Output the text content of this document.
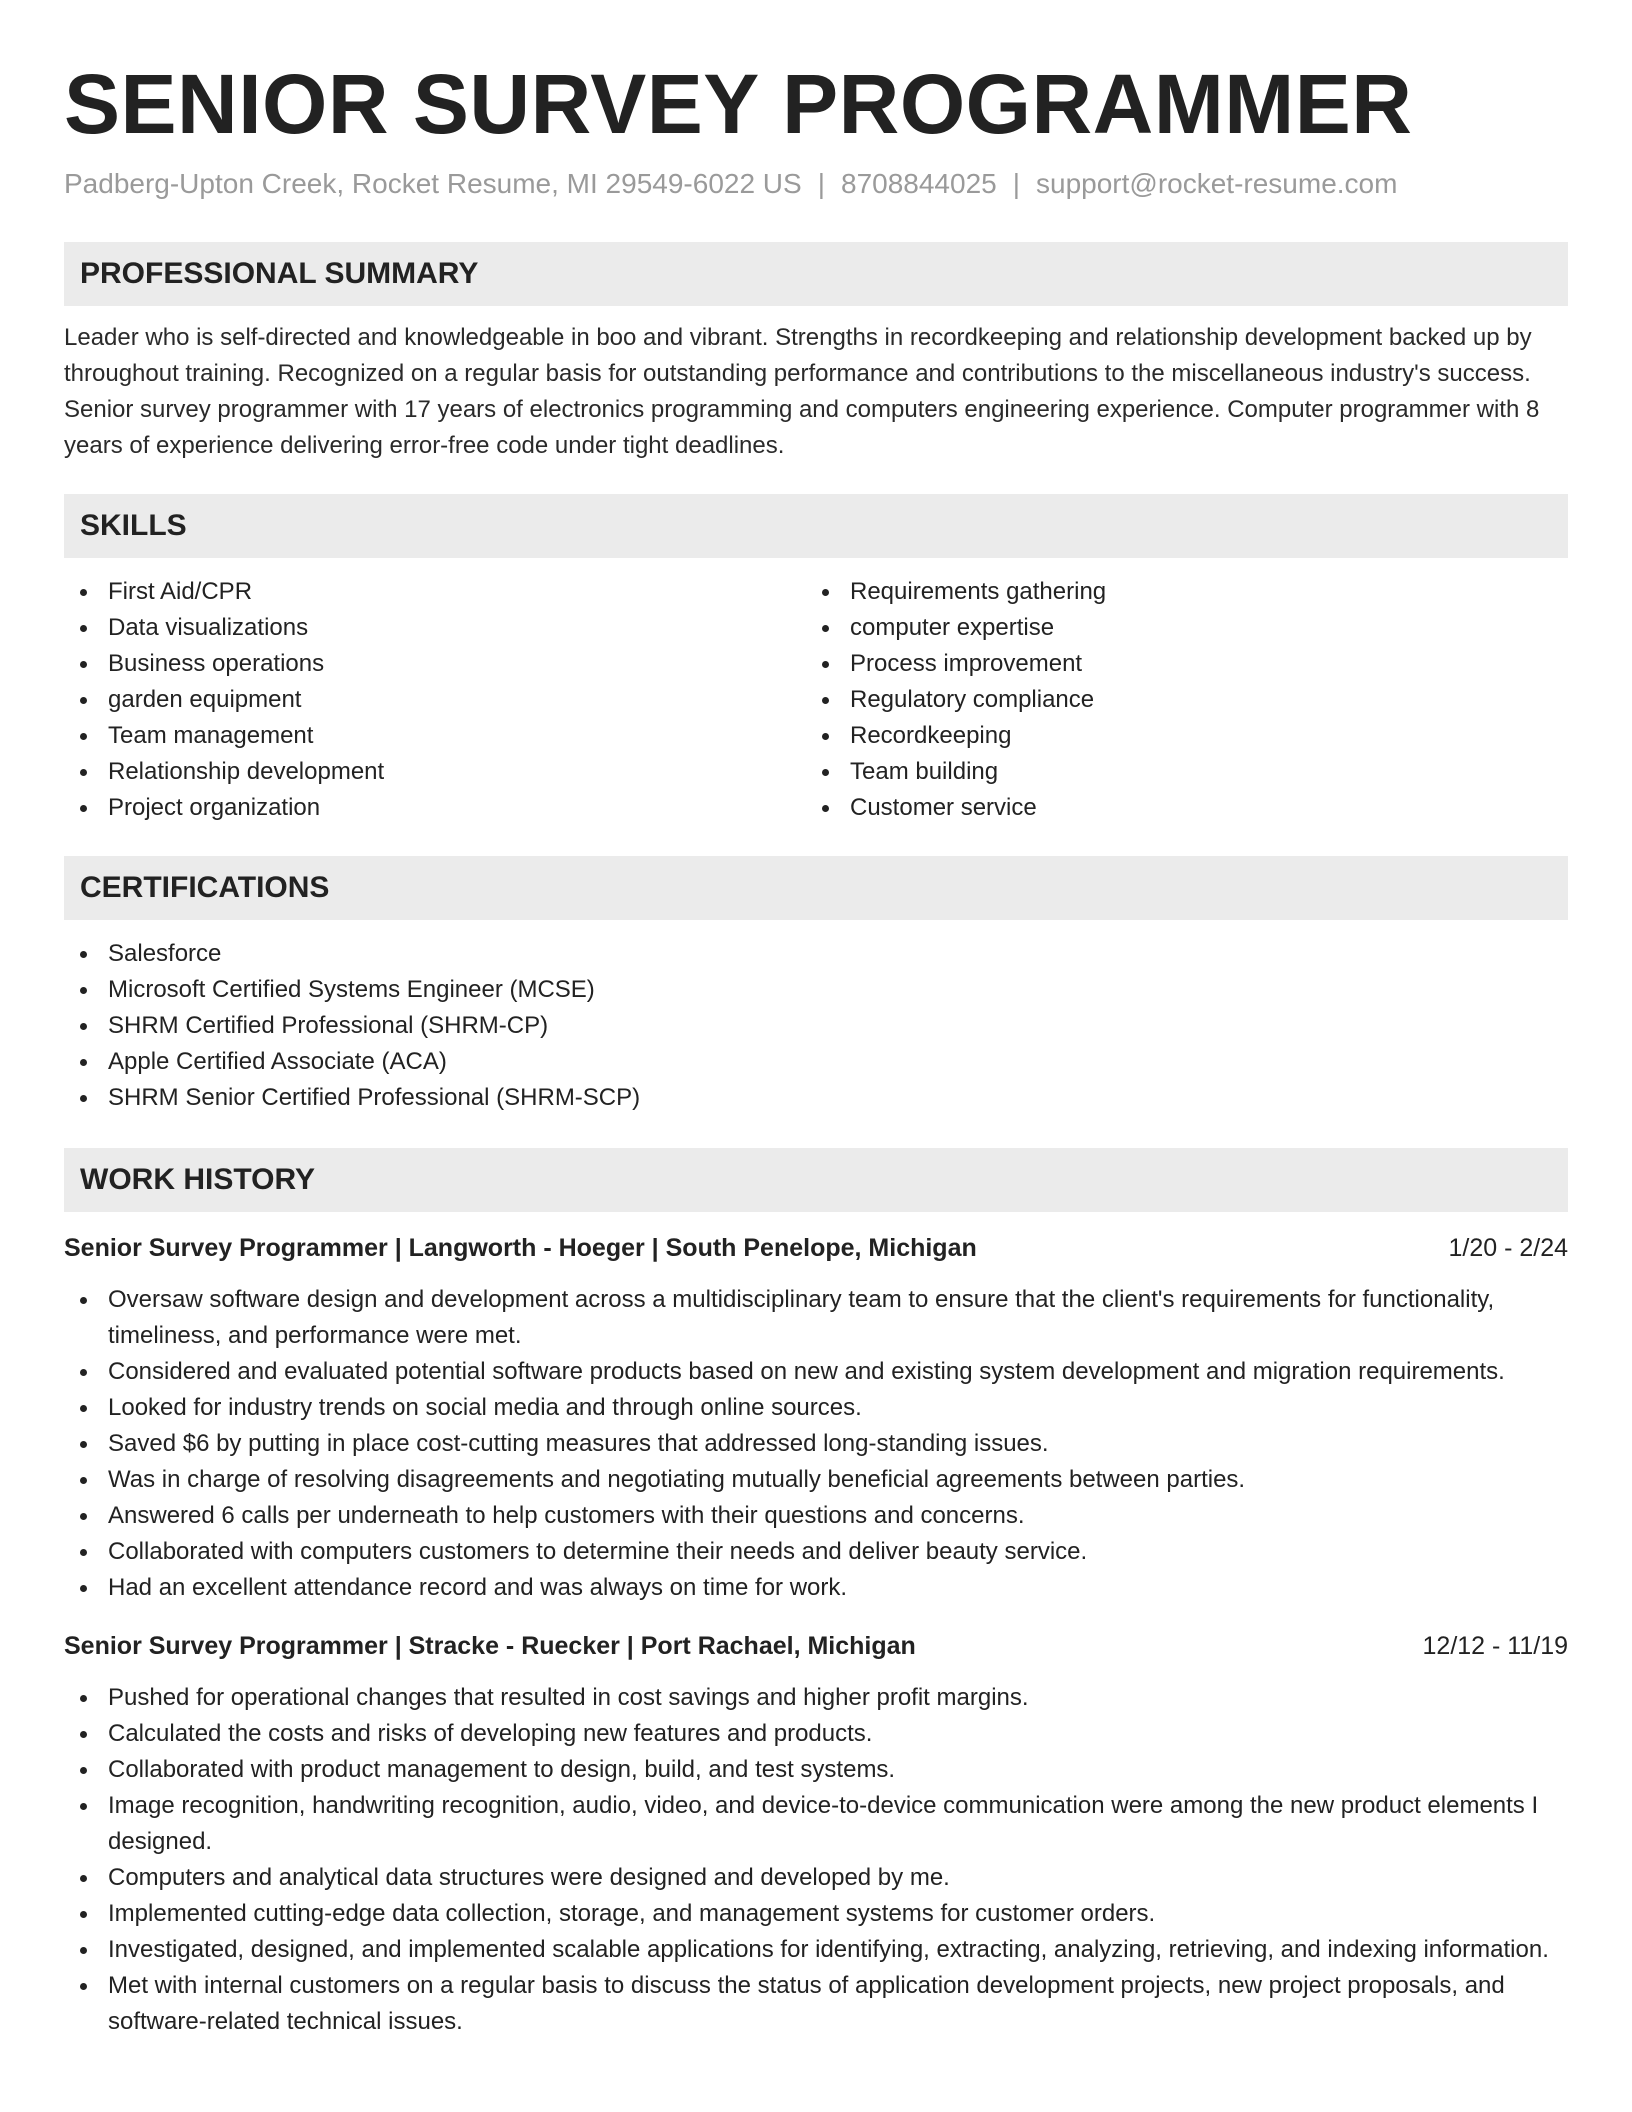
SENIOR SURVEY PROGRAMMER
Padberg-Upton Creek, Rocket Resume, MI 29549-6022 US | 8708844025 | support@rocket-resume.com
PROFESSIONAL SUMMARY

Leader who is self-directed and knowledgeable in boo and vibrant. Strengths in recordkeeping and relationship development backed up by throughout training. Recognized on a regular basis for outstanding performance and contributions to the miscellaneous industry's success. Senior survey programmer with 17 years of electronics programming and computers engineering experience. Computer programmer with 8 years of experience delivering error-free code under tight deadlines.

SKILLS
First Aid/CPR
Data visualizations
Business operations
garden equipment
Team management
Relationship development
Project organization
Requirements gathering
computer expertise
Process improvement
Regulatory compliance
Recordkeeping
Team building
Customer service
CERTIFICATIONS
Salesforce
Microsoft Certified Systems Engineer (MCSE)
SHRM Certified Professional (SHRM-CP)
Apple Certified Associate (ACA)
SHRM Senior Certified Professional (SHRM-SCP)
WORK HISTORY
Senior Survey Programmer | Langworth - Hoeger | South Penelope, Michigan	1/20 - 2/24
Oversaw software design and development across a multidisciplinary team to ensure that the client's requirements for functionality, timeliness, and performance were met.
Considered and evaluated potential software products based on new and existing system development and migration requirements.
Looked for industry trends on social media and through online sources.
Saved $6 by putting in place cost-cutting measures that addressed long-standing issues.
Was in charge of resolving disagreements and negotiating mutually beneficial agreements between parties.
Answered 6 calls per underneath to help customers with their questions and concerns.
Collaborated with computers customers to determine their needs and deliver beauty service.
Had an excellent attendance record and was always on time for work.
Senior Survey Programmer | Stracke - Ruecker | Port Rachael, Michigan	12/12 - 11/19
Pushed for operational changes that resulted in cost savings and higher profit margins.
Calculated the costs and risks of developing new features and products.
Collaborated with product management to design, build, and test systems.
Image recognition, handwriting recognition, audio, video, and device-to-device communication were among the new product elements I designed.
Computers and analytical data structures were designed and developed by me.
Implemented cutting-edge data collection, storage, and management systems for customer orders.
Investigated, designed, and implemented scalable applications for identifying, extracting, analyzing, retrieving, and indexing information.
Met with internal customers on a regular basis to discuss the status of application development projects, new project proposals, and software-related technical issues.
